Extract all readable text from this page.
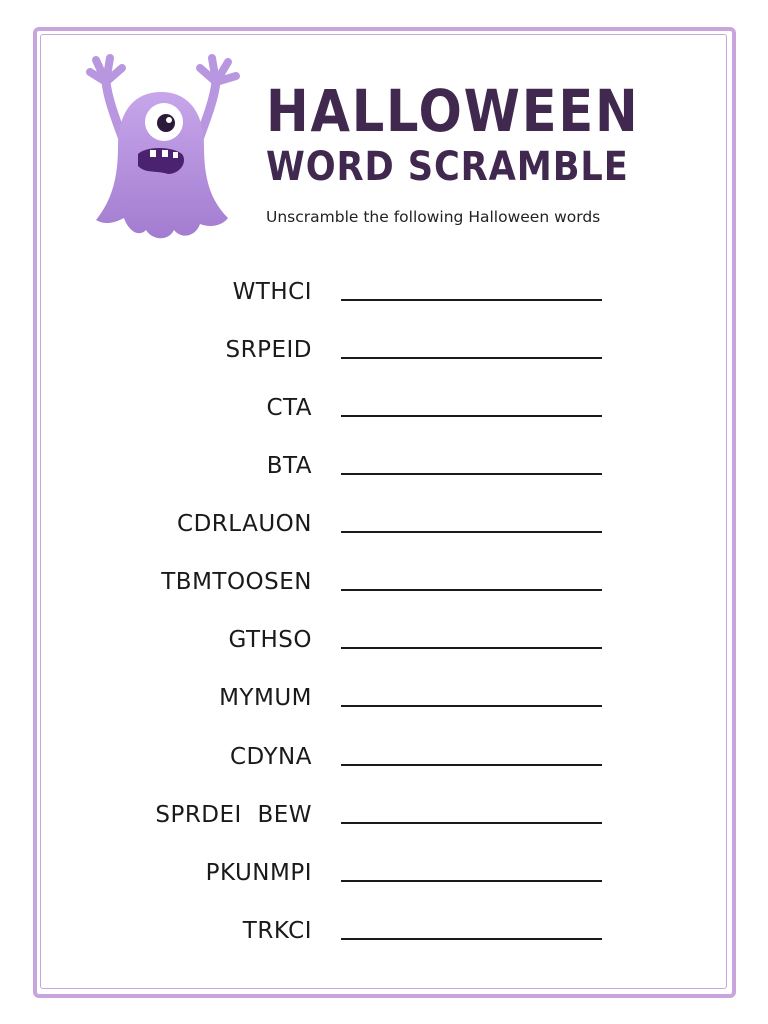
HALLOWEEN
WORD SCRAMBLE
Unscramble the following Halloween words
WTHCI
SRPEID
CTA
BTA
CDRLAUON
TBMTOOSEN
GTHSO
MYMUM
CDYNA
SPRDEI  BEW
PKUNMPI
TRKCI
